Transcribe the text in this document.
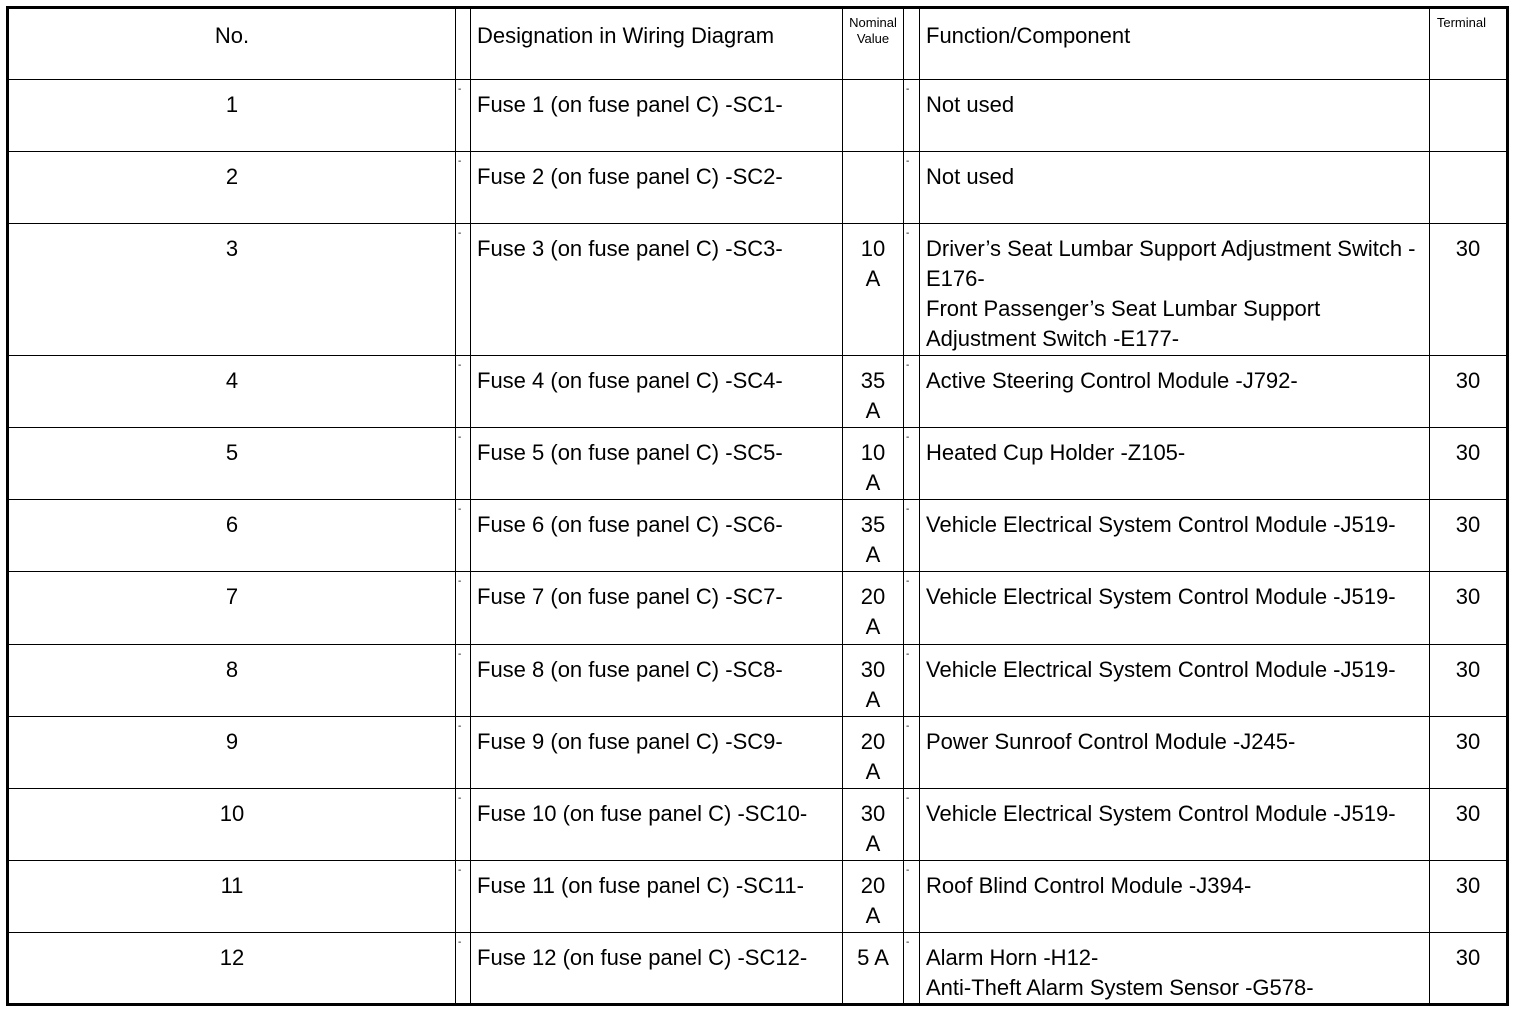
No.		Designation in Wiring Diagram	Nominal Value		Function/Component	Terminal
1	-	Fuse 1 (on fuse panel C) -SC1-		-	Not used	

2	-	Fuse 2 (on fuse panel C) -SC2-		-	Not used	

3	-	Fuse 3 (on fuse panel C) -SC3-	10 A	-	Driver’s Seat Lumbar Support Adjustment Switch -E176-
Front Passenger’s Seat Lumbar Support Adjustment Switch -E177-	30
4	-	Fuse 4 (on fuse panel C) -SC4-	35 A	-	Active Steering Control Module -J792-	30
5	-	Fuse 5 (on fuse panel C) -SC5-	10 A	-	Heated Cup Holder -Z105-	30
6	-	Fuse 6 (on fuse panel C) -SC6-	35 A	-	Vehicle Electrical System Control Module -J519-	30
7	-	Fuse 7 (on fuse panel C) -SC7-	20 A	-	Vehicle Electrical System Control Module -J519-	30
8	-	Fuse 8 (on fuse panel C) -SC8-	30 A	-	Vehicle Electrical System Control Module -J519-	30
9	-	Fuse 9 (on fuse panel C) -SC9-	20 A	-	Power Sunroof Control Module -J245-	30
10	-	Fuse 10 (on fuse panel C) -SC10-	30 A	-	Vehicle Electrical System Control Module -J519-	30
11	-	Fuse 11 (on fuse panel C) -SC11-	20 A	-	Roof Blind Control Module -J394-	30
12	-	Fuse 12 (on fuse panel C) -SC12-	5 A	-	Alarm Horn -H12-
Anti-Theft Alarm System Sensor -G578-	30
